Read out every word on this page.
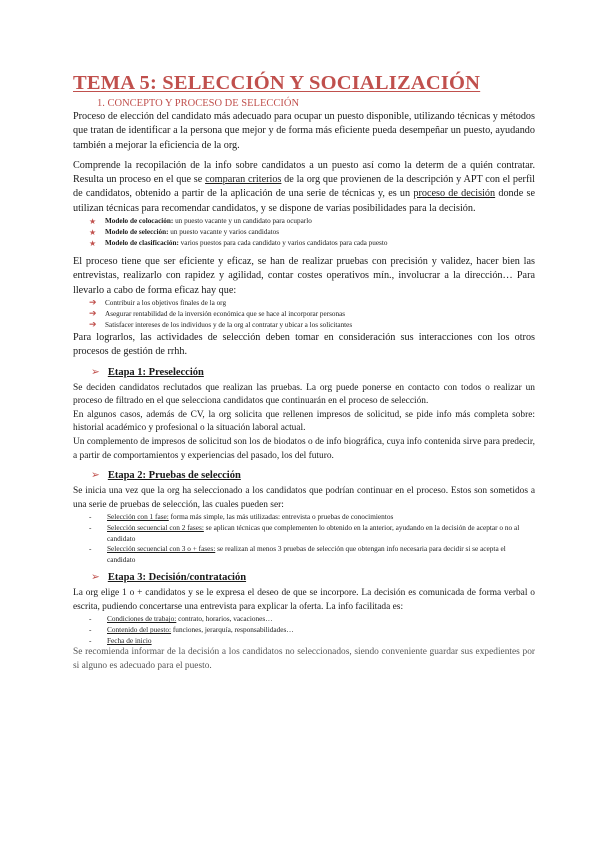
TEMA 5: SELECCIÓN Y SOCIALIZACIÓN
1. CONCEPTO Y PROCESO DE SELECCIÓN

Proceso de elección del candidato más adecuado para ocupar un puesto disponible, utilizando técnicas y métodos que tratan de identificar a la persona que mejor y de forma más eficiente pueda desempeñar un puesto, ayudando también a mejorar la eficiencia de la org.

Comprende la recopilación de la info sobre candidatos a un puesto así como la determ de a quién contratar. Resulta un proceso en el que se comparan criterios de la org que provienen de la descripción y APT con el perfil de candidatos, obtenido a partir de la aplicación de una serie de técnicas y, es un proceso de decisión donde se utilizan técnicas para recomendar candidatos, y se dispone de varias posibilidades para la decisión.

★ Modelo de colocación: un puesto vacante y un candidato para ocuparlo
★ Modelo de selección: un puesto vacante y varios candidatos
★ Modelo de clasificación: varios puestos para cada candidato y varios candidatos para cada puesto

El proceso tiene que ser eficiente y eficaz, se han de realizar pruebas con precisión y validez, hacer bien las entrevistas, realizarlo con rapidez y agilidad, contar costes operativos mín., involucrar a la dirección… Para llevarlo a cabo de forma eficaz hay que:

➔ Contribuir a los objetivos finales de la org
➔ Asegurar rentabilidad de la inversión económica que se hace al incorporar personas
➔ Satisfacer intereses de los individuos y de la org al contratar y ubicar a los solicitantes

Para lograrlos, las actividades de selección deben tomar en consideración sus interacciones con los otros procesos de gestión de rrhh.

➢ Etapa 1: Preselección

Se deciden candidatos reclutados que realizan las pruebas. La org puede ponerse en contacto con todos o realizar un proceso de filtrado en el que selecciona candidatos que continuarán en el proceso de selección.

En algunos casos, además de CV, la org solicita que rellenen impresos de solicitud, se pide info más completa sobre: historial académico y profesional o la situación laboral actual.

Un complemento de impresos de solicitud son los de biodatos o de info biográfica, cuya info contenida sirve para predecir, a partir de comportamientos y experiencias del pasado, los del futuro.

➢ Etapa 2: Pruebas de selección

Se inicia una vez que la org ha seleccionado a los candidatos que podrían continuar en el proceso. Estos son sometidos a una serie de pruebas de selección, las cuales pueden ser:

- Selección con 1 fase: forma más simple, las más utilizadas: entrevista o pruebas de conocimientos
- Selección secuencial con 2 fases: se aplican técnicas que complementen lo obtenido en la anterior, ayudando en la decisión de aceptar o no al candidato
- Selección secuencial con 3 o + fases: se realizan al menos 3 pruebas de selección que obtengan info necesaria para decidir si se acepta el candidato
➢ Etapa 3: Decisión/contratación

La org elige 1 o + candidatos y se le expresa el deseo de que se incorpore. La decisión es comunicada de forma verbal o escrita, pudiendo concertarse una entrevista para explicar la oferta. La info facilitada es:

- Condiciones de trabajo: contrato, horarios, vacaciones…
- Contenido del puesto: funciones, jerarquía, responsabilidades…
- Fecha de inicio

Se recomienda informar de la decisión a los candidatos no seleccionados, siendo conveniente guardar sus expedientes por si alguno es adecuado para el puesto.
